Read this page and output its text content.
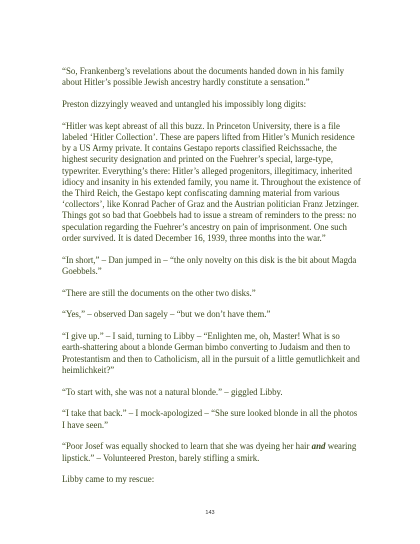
“So, Frankenberg’s revelations about the documents handed down in his family about Hitler’s possible Jewish ancestry hardly constitute a sensation.”

Preston dizzyingly weaved and untangled his impossibly long digits:

“Hitler was kept abreast of all this buzz. In Princeton University, there is a file labeled ‘Hitler Collection’. These are papers lifted from Hitler’s Munich residence by a US Army private. It contains Gestapo reports classified Reichssache, the highest security designation and printed on the Fuehrer’s special, large-type, typewriter. Everything’s there: Hitler’s alleged progenitors, illegitimacy, inherited idiocy and insanity in his extended family, you name it. Throughout the existence of the Third Reich, the Gestapo kept confiscating damning material from various ‘collectors’, like Konrad Pacher of Graz and the Austrian politician Franz Jetzinger. Things got so bad that Goebbels had to issue a stream of reminders to the press: no speculation regarding the Fuehrer’s ancestry on pain of imprisonment. One such order survived. It is dated December 16, 1939, three months into the war.”

“In short,” – Dan jumped in – “the only novelty on this disk is the bit about Magda Goebbels.”

“There are still the documents on the other two disks.”

“Yes,” – observed Dan sagely – “but we don’t have them.”

“I give up.” – I said, turning to Libby – “Enlighten me, oh, Master! What is so earth-shattering about a blonde German bimbo converting to Judaism and then to Protestantism and then to Catholicism, all in the pursuit of a little gemutlichkeit and heimlichkeit?”

“To start with, she was not a natural blonde.” – giggled Libby.

“I take that back.” – I mock-apologized – “She sure looked blonde in all the photos I have seen.”

“Poor Josef was equally shocked to learn that she was dyeing her hair and wearing lipstick.” – Volunteered Preston, barely stifling a smirk.

Libby came to my rescue:

143
